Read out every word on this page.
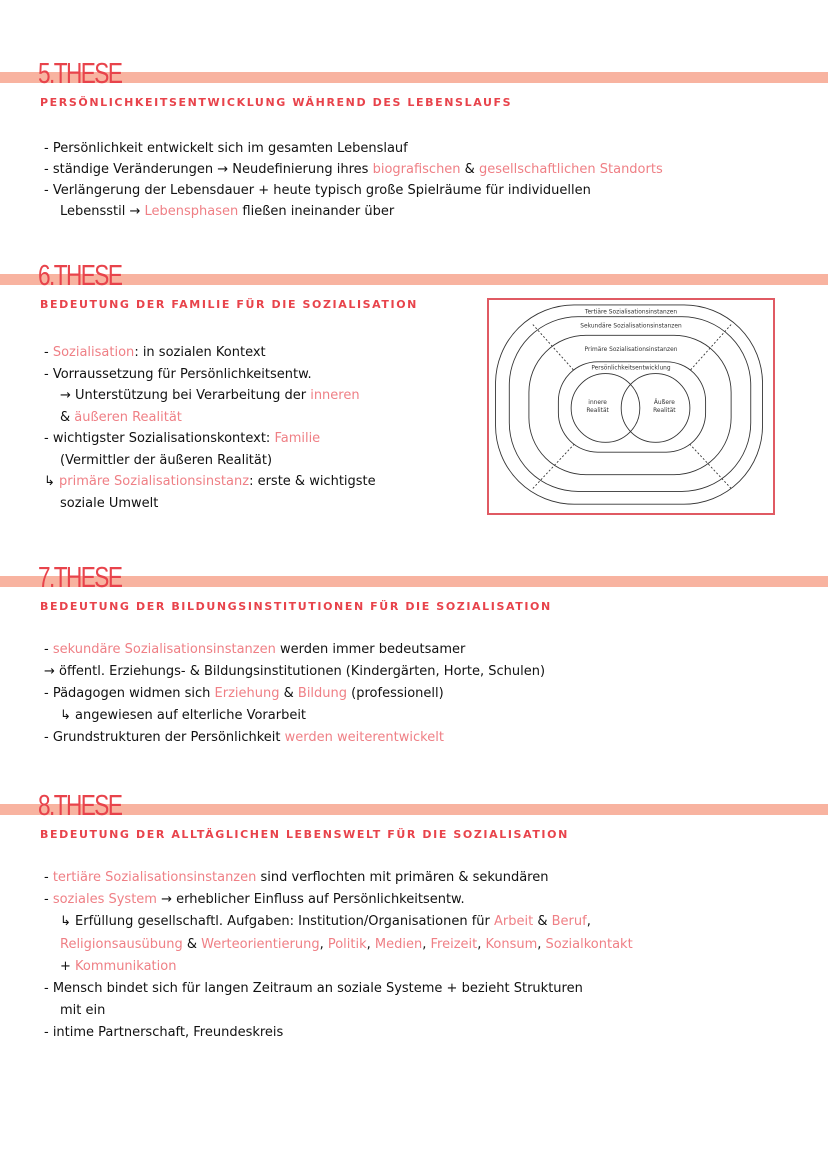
5.THESE
PERSÖNLICHKEITSENTWICKLUNG WÄHREND DES LEBENSLAUFS
- Persönlichkeit entwickelt sich im gesamten Lebenslauf
- ständige Veränderungen → Neudefinierung ihres biografischen & gesellschaftlichen Standorts
- Verlängerung der Lebensdauer + heute typisch große Spielräume für individuellen
Lebensstil → Lebensphasen fließen ineinander über
6.THESE
BEDEUTUNG DER FAMILIE FÜR DIE SOZIALISATION
- Sozialisation: in sozialen Kontext
- Vorraussetzung für Persönlichkeitsentw.
→ Unterstützung bei Verarbeitung der inneren
& äußeren Realität
- wichtigster Sozialisationskontext: Familie
(Vermittler der äußeren Realität)
↳ primäre Sozialisationsinstanz: erste & wichtigste
soziale Umwelt
Tertiäre Sozialisationsinstanzen
Sekundäre Sozialisationsinstanzen
Primäre Sozialisationsinstanzen
Persönlichkeitsentwicklung
innere
Realität
Äußere
Realität
7.THESE
BEDEUTUNG DER BILDUNGSINSTITUTIONEN FÜR DIE SOZIALISATION
- sekundäre Sozialisationsinstanzen werden immer bedeutsamer
→ öffentl. Erziehungs- & Bildungsinstitutionen (Kindergärten, Horte, Schulen)
- Pädagogen widmen sich Erziehung & Bildung (professionell)
↳ angewiesen auf elterliche Vorarbeit
- Grundstrukturen der Persönlichkeit werden weiterentwickelt
8.THESE
BEDEUTUNG DER ALLTÄGLICHEN LEBENSWELT FÜR DIE SOZIALISATION
- tertiäre Sozialisationsinstanzen sind verflochten mit primären & sekundären
- soziales System → erheblicher Einfluss auf Persönlichkeitsentw.
↳ Erfüllung gesellschaftl. Aufgaben: Institution/Organisationen für Arbeit & Beruf,
Religionsausübung & Werteorientierung, Politik, Medien, Freizeit, Konsum, Sozialkontakt
+ Kommunikation
- Mensch bindet sich für langen Zeitraum an soziale Systeme + bezieht Strukturen
mit ein
- intime Partnerschaft, Freundeskreis
